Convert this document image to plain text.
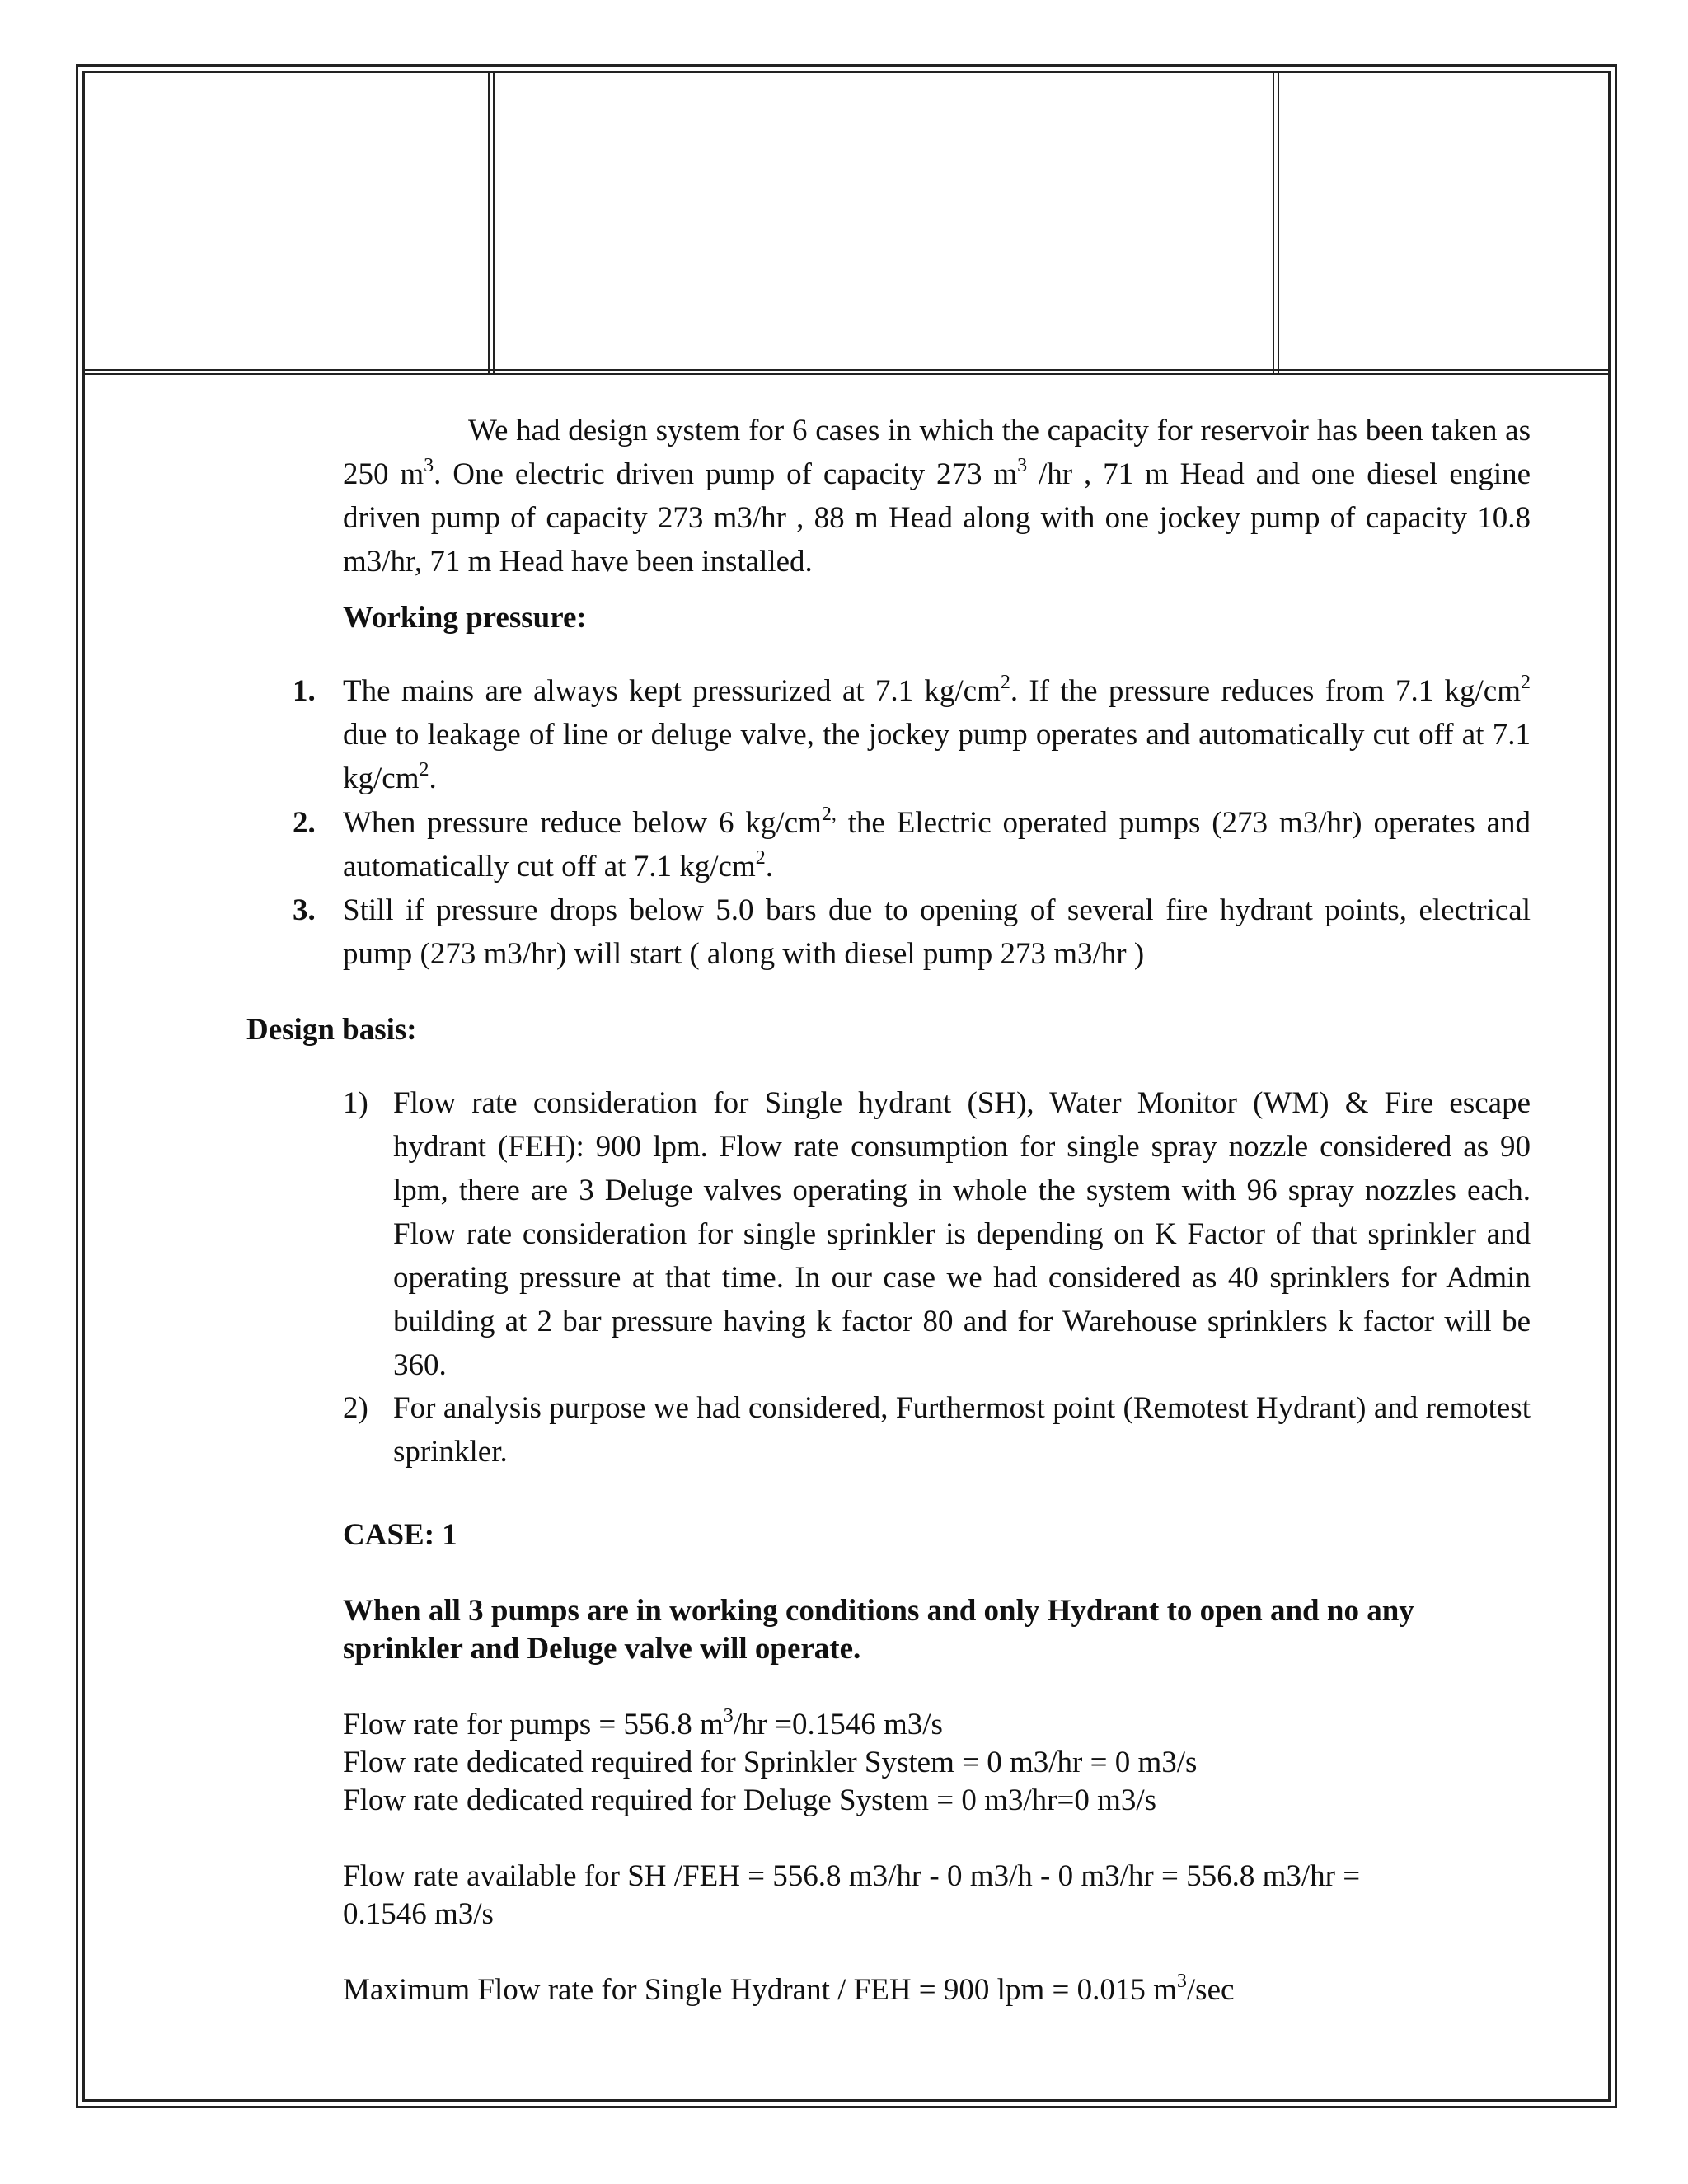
We had design system for 6 cases in which the capacity for reservoir has been taken as 250 $m^3$. One electric driven pump of capacity 273 $m^3$ /hr , 71 m Head and one diesel engine driven pump of capacity 273 m3/hr , 88 m Head along with one jockey pump of capacity 10.8 m3/hr, 71 m Head have been installed.
Working pressure:
1. The mains are always kept pressurized at 7.1 $kg/cm^2$. If the pressure reduces from 7.1 $kg/cm^2$ due to leakage of line or deluge valve, the jockey pump operates and automatically cut off at 7.1 $kg/cm^2$.
2. When pressure reduce below 6 $kg/cm^{2,}$ the Electric operated pumps (273 m3/hr) operates and automatically cut off at 7.1 $kg/cm^2$.
3. Still if pressure drops below 5.0 bars due to opening of several fire hydrant points, electrical pump (273 m3/hr) will start ( along with diesel pump 273 m3/hr )
Design basis:
1) Flow rate consideration for Single hydrant (SH), Water Monitor (WM) & Fire escape hydrant (FEH): 900 lpm. Flow rate consumption for single spray nozzle considered as 90 lpm, there are 3 Deluge valves operating in whole the system with 96 spray nozzles each. Flow rate consideration for single sprinkler is depending on K Factor of that sprinkler and operating pressure at that time. In our case we had considered as 40 sprinklers for Admin building at 2 bar pressure having k factor 80 and for Warehouse sprinklers k factor will be 360.
2) For analysis purpose we had considered, Furthermost point (Remotest Hydrant) and remotest sprinkler.
CASE: 1
When all 3 pumps are in working conditions and only Hydrant to open and no any
sprinkler and Deluge valve will operate.
Flow rate for pumps = 556.8 $m^3/hr =0.1546$ m3/s
Flow rate dedicated required for Sprinkler System = 0 m3/hr = 0 m3/s
Flow rate dedicated required for Deluge System = 0 m3/hr=0 m3/s
Flow rate available for SH /FEH = 556.8 m3/hr - 0 m3/h - 0 m3/hr = 556.8 m3/hr =
0.1546 m3/s
Maximum Flow rate for Single Hydrant / FEH = 900 lpm = 0.015 $m^3/\sec$
